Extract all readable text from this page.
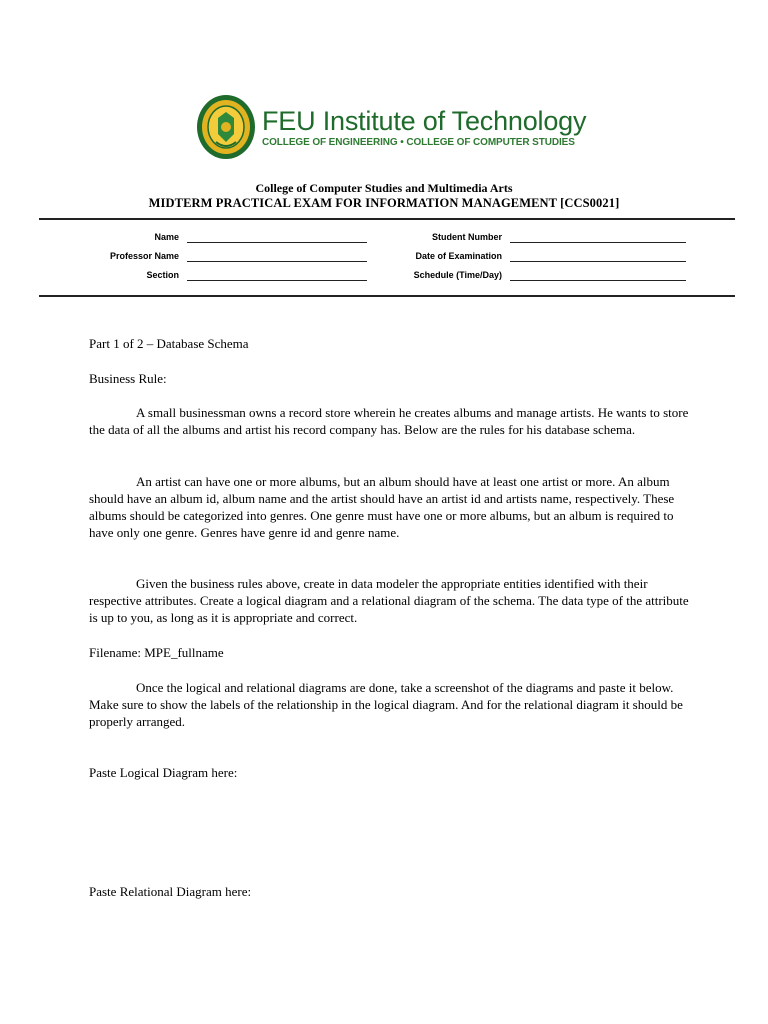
FEU Institute of Technology
COLLEGE OF ENGINEERING • COLLEGE OF COMPUTER STUDIES
College of Computer Studies and Multimedia Arts
MIDTERM PRACTICAL EXAM FOR INFORMATION MANAGEMENT [CCS0021]
Name
Professor Name
Section
Student Number
Date of Examination
Schedule (Time/Day)

Part 1 of 2 – Database Schema

Business Rule:

A small businessman owns a record store wherein he creates albums and manage artists. He wants to store the data of all the albums and artist his record company has. Below are the rules for his database schema.

An artist can have one or more albums, but an album should have at least one artist or more. An album should have an album id, album name and the artist should have an artist id and artists name, respectively. These albums should be categorized into genres. One genre must have one or more albums, but an album is required to have only one genre. Genres have genre id and genre name.

Given the business rules above, create in data modeler the appropriate entities identified with their respective attributes. Create a logical diagram and a relational diagram of the schema. The data type of the attribute is up to you, as long as it is appropriate and correct.

Filename: MPE_fullname

Once the logical and relational diagrams are done, take a screenshot of the diagrams and paste it below. Make sure to show the labels of the relationship in the logical diagram. And for the relational diagram it should be properly arranged.

Paste Logical Diagram here:

Paste Relational Diagram here:
